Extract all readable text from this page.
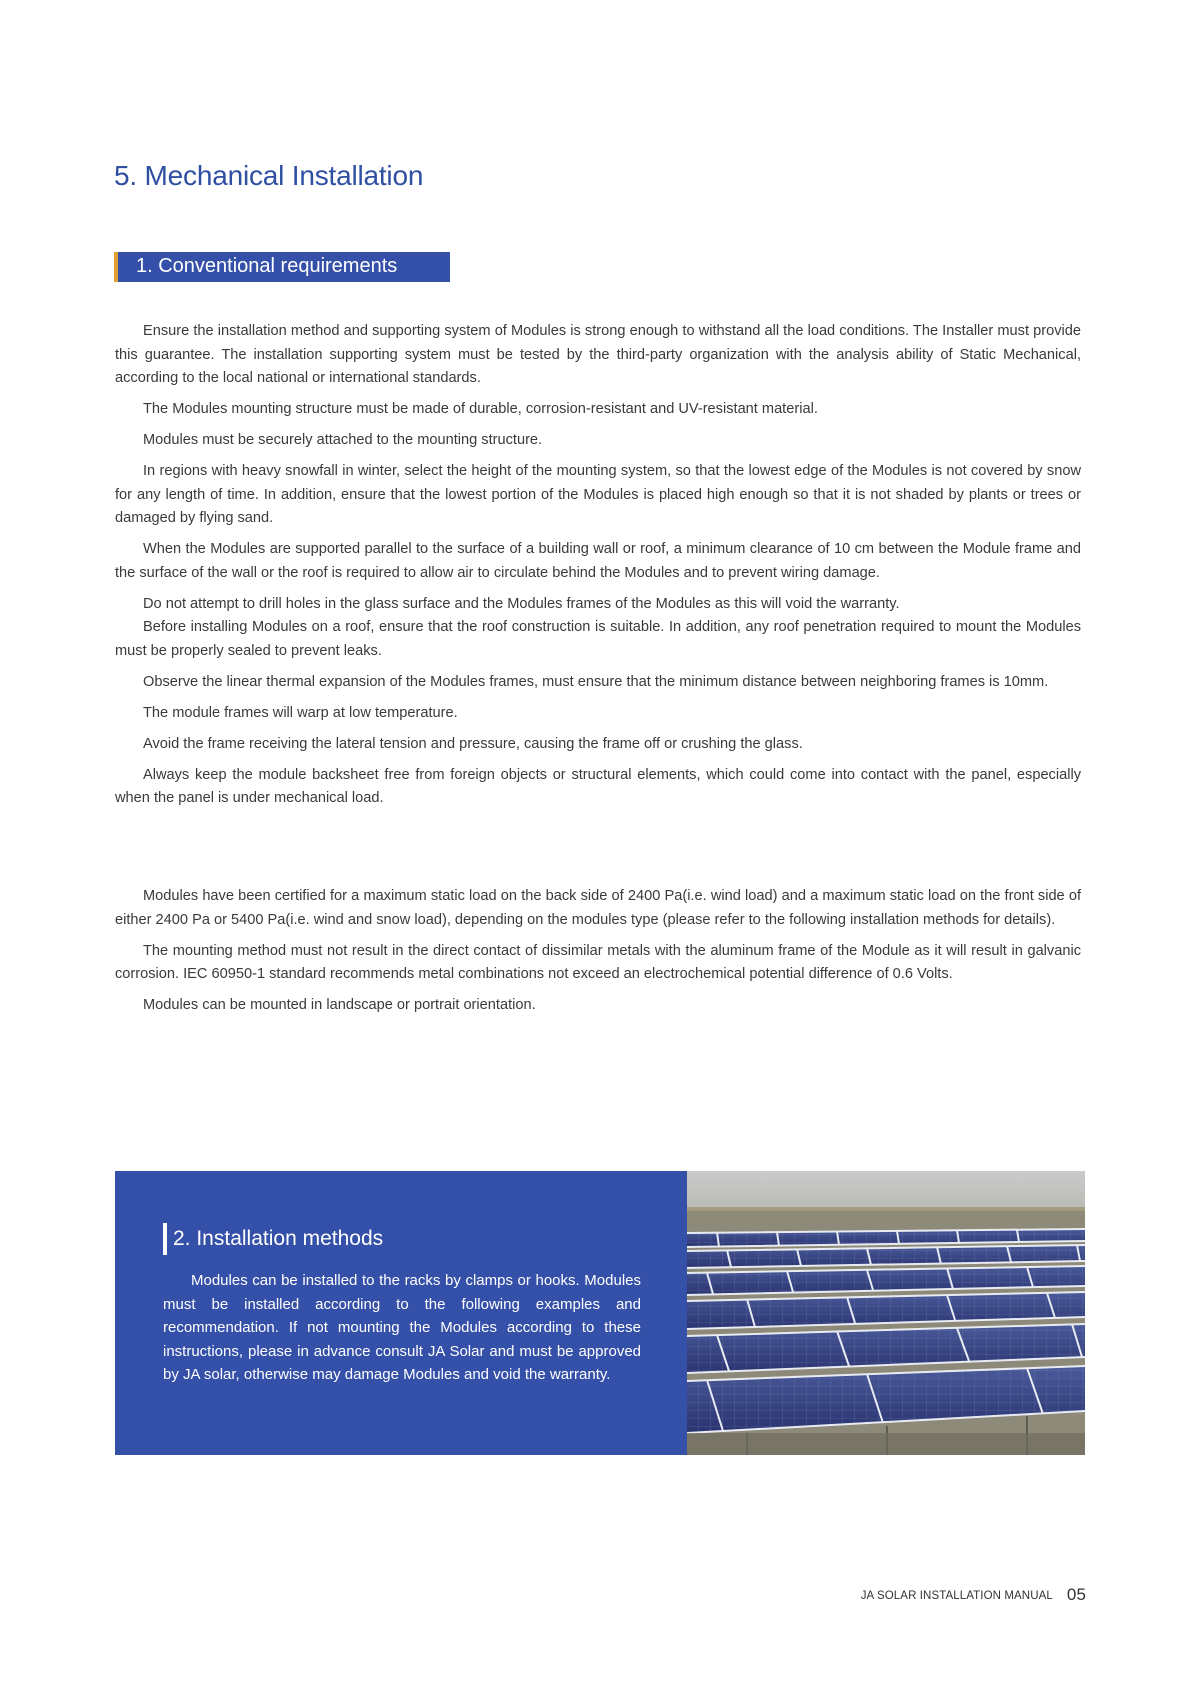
5. Mechanical Installation
1. Conventional requirements

Ensure the installation method and supporting system of Modules is strong enough to withstand all the load conditions. The Installer must provide this guarantee. The installation supporting system must be tested by the third-party organization with the analysis ability of Static Mechanical, according to the local national or international standards.

The Modules mounting structure must be made of durable, corrosion-resistant and UV-resistant material.

Modules must be securely attached to the mounting structure.

In regions with heavy snowfall in winter, select the height of the mounting system, so that the lowest edge of the Modules is not covered by snow for any length of time. In addition, ensure that the lowest portion of the Modules is placed high enough so that it is not shaded by plants or trees or damaged by flying sand.

When the Modules are supported parallel to the surface of a building wall or roof, a minimum clearance of 10 cm between the Module frame and the surface of the wall or the roof is required to allow air to circulate behind the Modules and to prevent wiring damage.

Do not attempt to drill holes in the glass surface and the Modules frames of the Modules as this will void the warranty.

Before installing Modules on a roof, ensure that the roof construction is suitable. In addition, any roof penetration required to mount the Modules must be properly sealed to prevent leaks.

Observe the linear thermal expansion of the Modules frames, must ensure that the minimum distance between neighboring frames is 10mm.

The module frames will warp at low temperature.

Avoid the frame receiving the lateral tension and pressure, causing the frame off or crushing the glass.

Always keep the module backsheet free from foreign objects or structural elements, which could come into contact with the panel, especially when the panel is under mechanical load.

Modules have been certified for a maximum static load on the back side of 2400 Pa(i.e. wind load) and a maximum static load on the front side of either 2400 Pa or 5400 Pa(i.e. wind and snow load), depending on the modules type (please refer to the following installation methods for details).

The mounting method must not result in the direct contact of dissimilar metals with the aluminum frame of the Module as it will result in galvanic corrosion. IEC 60950-1 standard recommends metal combinations not exceed an electrochemical potential difference of 0.6 Volts.

Modules can be mounted in landscape or portrait orientation.

2. Installation methods

Modules can be installed to the racks by clamps or hooks. Modules must be installed according to the following examples and recommendation. If not mounting the Modules according to these instructions, please in advance consult JA Solar and must be approved by JA solar, otherwise may damage Modules and void the warranty.

JA SOLAR INSTALLATION MANUAL 05
